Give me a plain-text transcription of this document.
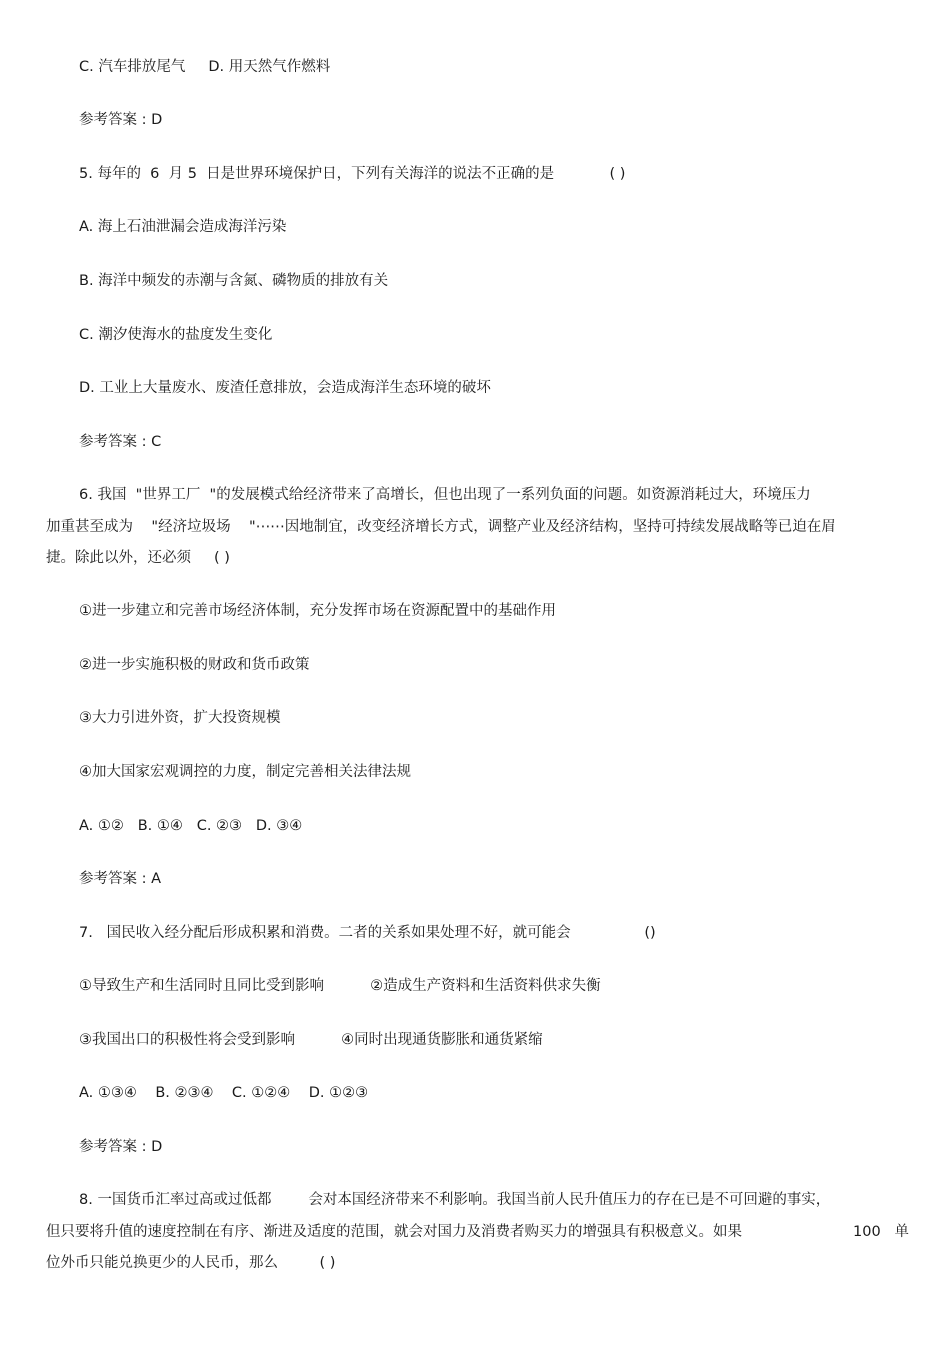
C. 汽车排放尾气     D. 用天然气作燃料
参考答案 : D
5. 每年的  6  月 5  日是世界环境保护日，下列有关海洋的说法不正确的是            ( )
A. 海上石油泄漏会造成海洋污染
B. 海洋中频发的赤潮与含氮、磷物质的排放有关
C. 潮汐使海水的盐度发生变化
D. 工业上大量废水、废渣任意排放，会造成海洋生态环境的破坏
参考答案 : C
6. 我国  "世界工厂  "的发展模式给经济带来了高增长，但也出现了一系列负面的问题。如资源消耗过大，环境压力
加重甚至成为    "经济垃圾场    "⋯⋯因地制宜，改变经济增长方式，调整产业及经济结构，坚持可持续发展战略等已迫在眉
捷。除此以外，还必须     ( )
①进一步建立和完善市场经济体制，充分发挥市场在资源配置中的基础作用
②进一步实施积极的财政和货币政策
③大力引进外资，扩大投资规模
④加大国家宏观调控的力度，制定完善相关法律法规
A. ①②   B. ①④   C. ②③   D. ③④
参考答案 : A
7.   国民收入经分配后形成积累和消费。二者的关系如果处理不好，就可能会                ()
①导致生产和生活同时且同比受到影响          ②造成生产资料和生活资料供求失衡
③我国出口的积极性将会受到影响          ④同时出现通货膨胀和通货紧缩
A. ①③④    B. ②③④    C. ①②④    D. ①②③
参考答案 : D
8. 一国货币汇率过高或过低都        会对本国经济带来不利影响。我国当前人民升值压力的存在已是不可回避的事实，
但只要将升值的速度控制在有序、渐进及适度的范围，就会对国力及消费者购买力的增强具有积极意义。如果	100   单
位外币只能兑换更少的人民币，那么         ( )
